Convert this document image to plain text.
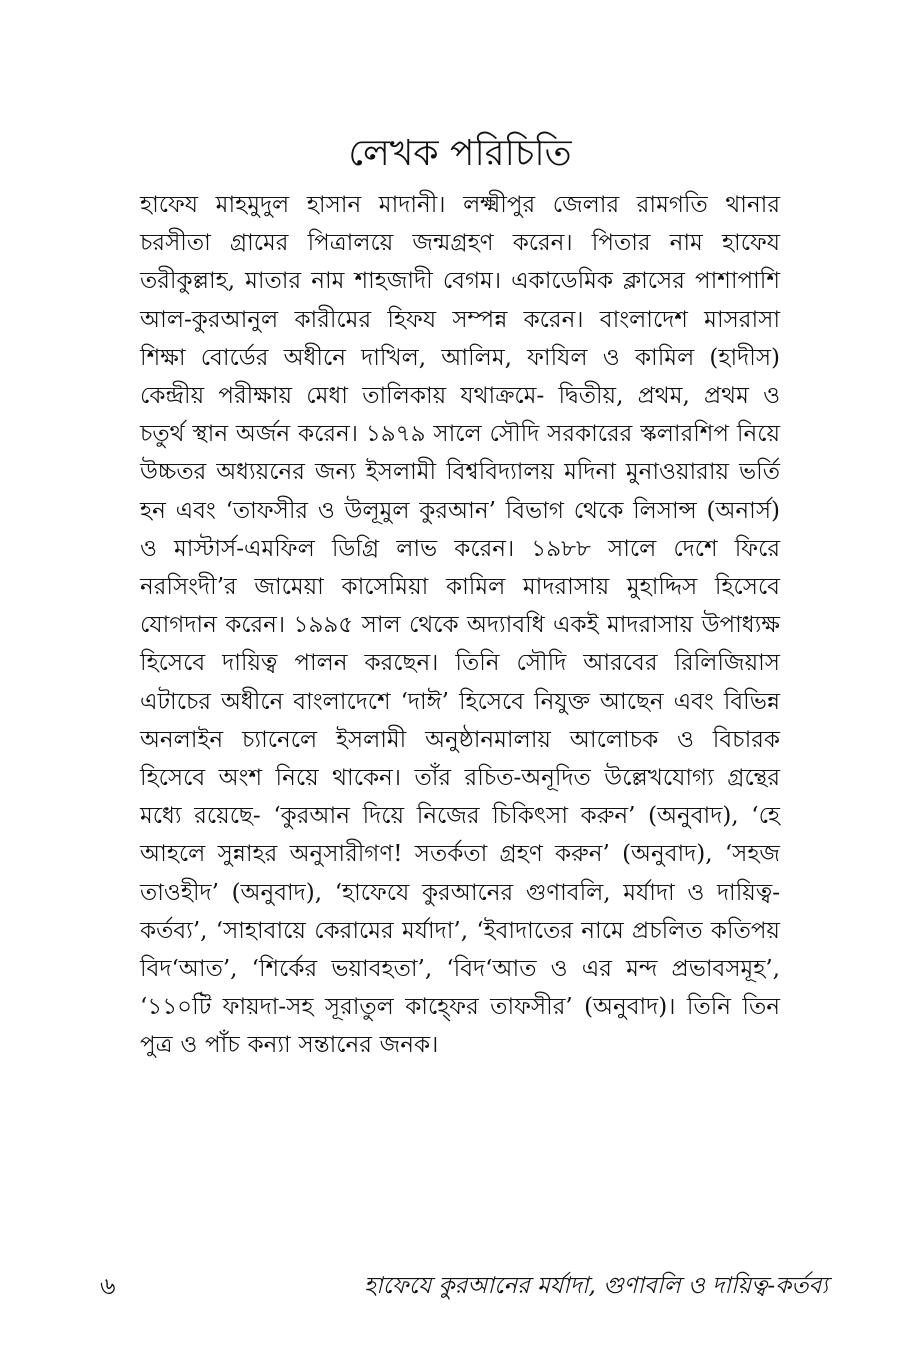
লেখক পরিচিতি

হাফেয মাহমুদুল হাসান মাদানী। লক্ষ্মীপুর জেলার রামগতি থানার চরসীতা গ্রামের পিত্রালয়ে জন্মগ্রহণ করেন। পিতার নাম হাফেয তরীকুল্লাহ, মাতার নাম শাহজাদী বেগম। একাডেমিক ক্লাসের পাশাপাশি আল-কুরআনুল কারীমের হিফয সম্পন্ন করেন। বাংলাদেশ মাসরাসা শিক্ষা বোর্ডের অধীনে দাখিল, আলিম, ফাযিল ও কামিল (হাদীস) কেন্দ্রীয় পরীক্ষায় মেধা তালিকায় যথাক্রমে- দ্বিতীয়, প্রথম, প্রথম ও চতুর্থ স্থান অর্জন করেন। ১৯৭৯ সালে সৌদি সরকারের স্কলারশিপ নিয়ে উচ্চতর অধ্যয়নের জন্য ইসলামী বিশ্ববিদ্যালয় মদিনা মুনাওয়ারায় ভর্তি হন এবং ‘তাফসীর ও উলূমুল কুরআন’ বিভাগ থেকে লিসান্স (অনার্স) ও মাস্টার্স-এমফিল ডিগ্রি লাভ করেন। ১৯৮৮ সালে দেশে ফিরে নরসিংদী’র জামেয়া কাসেমিয়া কামিল মাদরাসায় মুহাদ্দিস হিসেবে যোগদান করেন। ১৯৯৫ সাল থেকে অদ্যাবধি একই মাদরাসায় উপাধ্যক্ষ হিসেবে দায়িত্ব পালন করছেন। তিনি সৌদি আরবের রিলিজিয়াস এটাচের অধীনে বাংলাদেশে ‘দাঈ’ হিসেবে নিযুক্ত আছেন এবং বিভিন্ন অনলাইন চ্যানেলে ইসলামী অনুষ্ঠানমালায় আলোচক ও বিচারক হিসেবে অংশ নিয়ে থাকেন। তাঁর রচিত-অনূদিত উল্লেখযোগ্য গ্রন্থের মধ্যে রয়েছে- ‘কুরআন দিয়ে নিজের চিকিৎসা করুন’ (অনুবাদ), ‘হে আহলে সুন্নাহর অনুসারীগণ! সতর্কতা গ্রহণ করুন’ (অনুবাদ), ‘সহজ তাওহীদ’ (অনুবাদ), ‘হাফেযে কুরআনের গুণাবলি, মর্যাদা ও দায়িত্ব-কর্তব্য’, ‘সাহাবায়ে কেরামের মর্যাদা’, ‘ইবাদাতের নামে প্রচলিত কতিপয় বিদ‘আত’, ‘শির্কের ভয়াবহতা’, ‘বিদ‘আত ও এর মন্দ প্রভাবসমূহ’, ‘১১০টি ফায়দা-সহ সূরাতুল কাহ্ফের তাফসীর’ (অনুবাদ)। তিনি তিন পুত্র ও পাঁচ কন্যা সন্তানের জনক।

৬	হাফেযে কুরআনের মর্যাদা, গুণাবলি ও দায়িত্ব-কর্তব্য
